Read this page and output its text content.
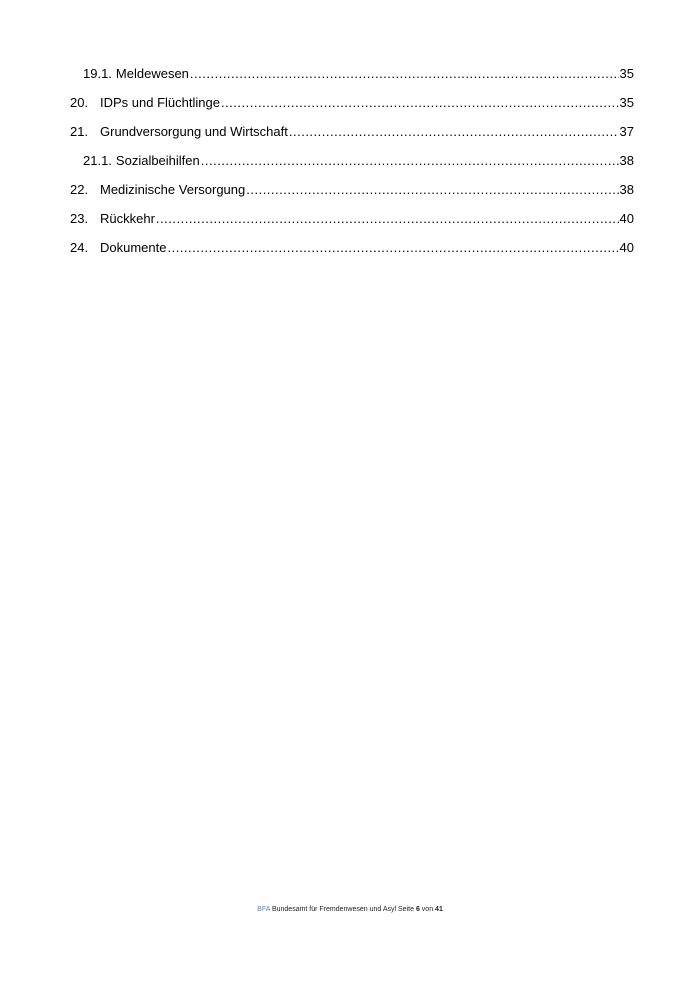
19.1. Meldewesen .....	35
20. IDPs und Flüchtlinge .....	35
21. Grundversorgung und Wirtschaft .....	37
21.1. Sozialbeihilfen .....	38
22. Medizinische Versorgung .....	38
23. Rückkehr .....	40
24. Dokumente .....	40
BFA Bundesamt für Fremdenwesen und Asyl Seite 6 von 41
